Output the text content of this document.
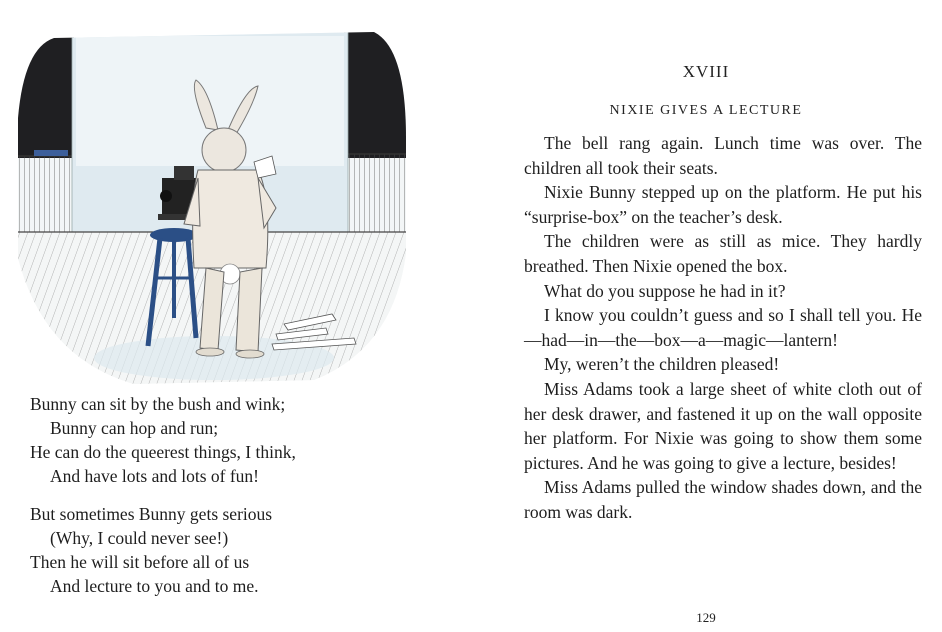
Bunny can sit by the bush and wink;
Bunny can hop and run;
He can do the queerest things, I think,
And have lots and lots of fun!
But sometimes Bunny gets serious
(Why, I could never see!)
Then he will sit before all of us
And lecture to you and to me.
XVIII
NIXIE GIVES A LECTURE

The bell rang again. Lunch time was over. The children all took their seats.

Nixie Bunny stepped up on the platform. He put his “surprise-box” on the teacher’s desk.

The children were as still as mice. They hardly breathed. Then Nixie opened the box.

What do you suppose he had in it?

I know you couldn’t guess and so I shall tell you. He—had—in—the—box—a—magic—lantern!

My, weren’t the children pleased!

Miss Adams took a large sheet of white cloth out of her desk drawer, and fastened it up on the wall opposite her platform. For Nixie was going to show them some pictures. And he was going to give a lecture, besides!

Miss Adams pulled the window shades down, and the room was dark.

129
